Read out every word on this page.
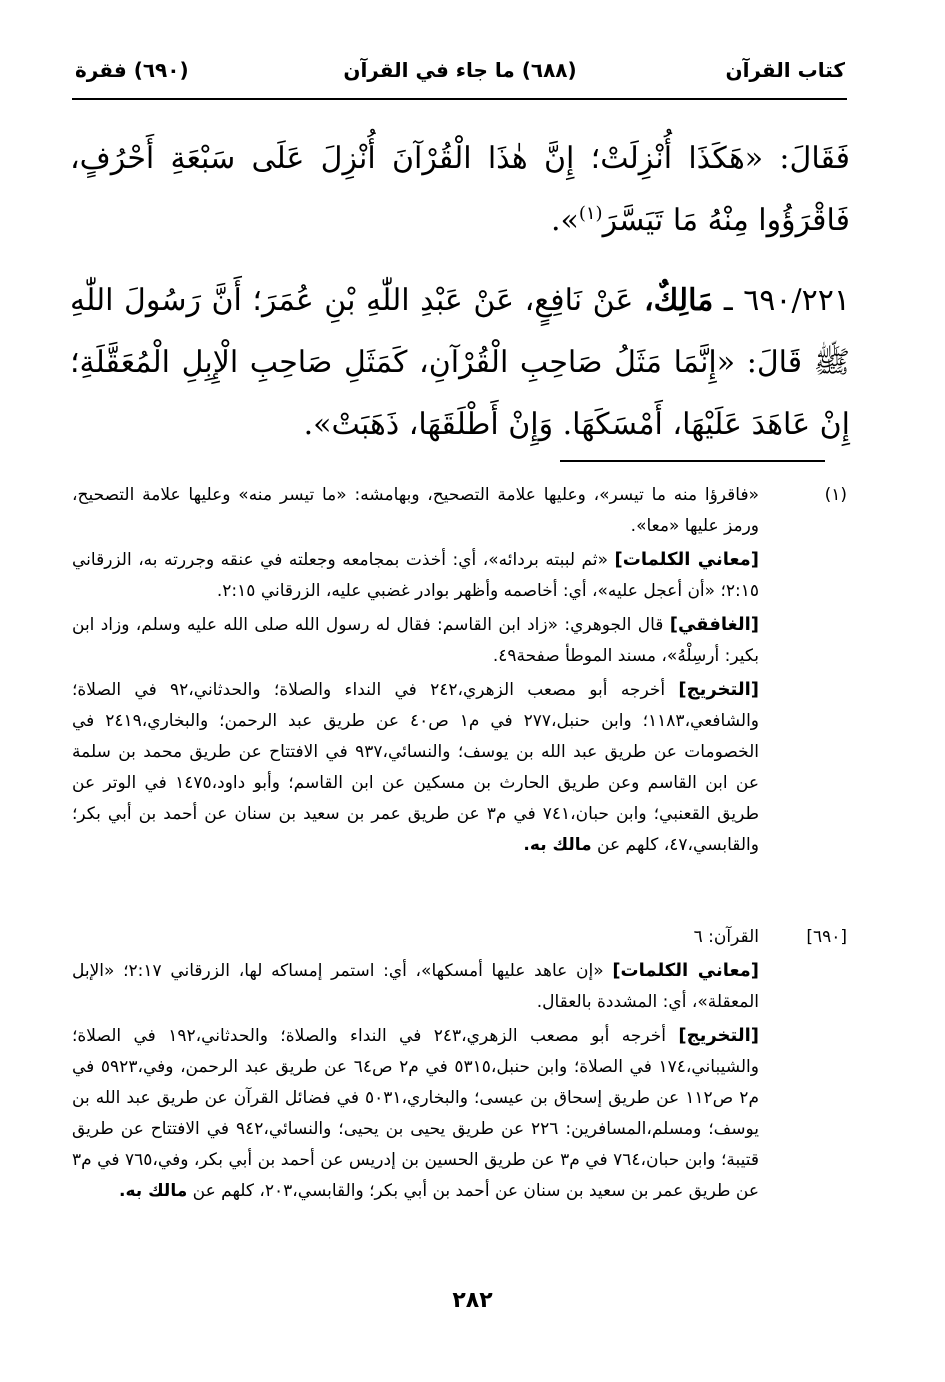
كتاب القرآن
(٦٨٨) ما جاء في القرآن
(٦٩٠) فقرة

فَقَالَ: «هَكَذَا أُنْزِلَتْ؛ إِنَّ هٰذَا الْقُرْآنَ أُنْزِلَ عَلَى سَبْعَةِ أَحْرُفٍ، فَاقْرَؤُوا مِنْهُ مَا تَيَسَّرَ$^{(١)}$».

٦٩٠/٢٢١ ـ مَالِكٌ، عَنْ نَافِعٍ، عَنْ عَبْدِ اللّٰهِ بْنِ عُمَرَ؛ أَنَّ رَسُولَ اللّٰهِ ﷺ قَالَ: «إِنَّمَا مَثَلُ صَاحِبِ الْقُرْآنِ، كَمَثَلِ صَاحِبِ الْإِبِلِ الْمُعَقَّلَةِ؛ إِنْ عَاهَدَ عَلَيْهَا، أَمْسَكَهَا. وَإِنْ أَطْلَقَهَا، ذَهَبَتْ».

(١)

«فاقرؤا منه ما تيسر»، وعليها علامة التصحيح، وبهامشه: «ما تيسر منه» وعليها علامة التصحيح، ورمز عليها «معا».

[معاني الكلمات] «ثم لببته بردائه»، أي: أخذت بمجامعه وجعلته في عنقه وجررته به، الزرقاني ٢:١٥؛ «أن أعجل عليه»، أي: أخاصمه وأظهر بوادر غضبي عليه، الزرقاني ٢:١٥.

[الغافقي] قال الجوهري: «زاد ابن القاسم: فقال له رسول الله صلى الله عليه وسلم، وزاد ابن بكير: أرسِلْهُ»، مسند الموطأ صفحة٤٩.

[التخريج] أخرجه أبو مصعب الزهري،٢٤٢ في النداء والصلاة؛ والحدثاني،٩٢ في الصلاة؛ والشافعي،١١٨٣؛ وابن حنبل،٢٧٧ في م١ ص٤٠ عن طريق عبد الرحمن؛ والبخاري،٢٤١٩ في الخصومات عن طريق عبد الله بن يوسف؛ والنسائي،٩٣٧ في الافتتاح عن طريق محمد بن سلمة عن ابن القاسم وعن طريق الحارث بن مسكين عن ابن القاسم؛ وأبو داود،١٤٧٥ في الوتر عن طريق القعنبي؛ وابن حبان،٧٤١ في م٣ عن طريق عمر بن سعيد بن سنان عن أحمد بن أبي بكر؛ والقابسي،٤٧، كلهم عن مالك به.

[٦٩٠]

القرآن: ٦

[معاني الكلمات] «إن عاهد عليها أمسكها»، أي: استمر إمساكه لها، الزرقاني ٢:١٧؛ «الإبل المعقلة»، أي: المشددة بالعقال.

[التخريج] أخرجه أبو مصعب الزهري،٢٤٣ في النداء والصلاة؛ والحدثاني،١٩٢ في الصلاة؛ والشيباني،١٧٤ في الصلاة؛ وابن حنبل،٥٣١٥ في م٢ ص٦٤ عن طريق عبد الرحمن، وفي،٥٩٢٣ في م٢ ص١١٢ عن طريق إسحاق بن عيسى؛ والبخاري،٥٠٣١ في فضائل القرآن عن طريق عبد الله بن يوسف؛ ومسلم،المسافرين: ٢٢٦ عن طريق يحيى بن يحيى؛ والنسائي،٩٤٢ في الافتتاح عن طريق قتيبة؛ وابن حبان،٧٦٤ في م٣ عن طريق الحسين بن إدريس عن أحمد بن أبي بكر، وفي،٧٦٥ في م٣ عن طريق عمر بن سعيد بن سنان عن أحمد بن أبي بكر؛ والقابسي،٢٠٣، كلهم عن مالك به.

٢٨٢
